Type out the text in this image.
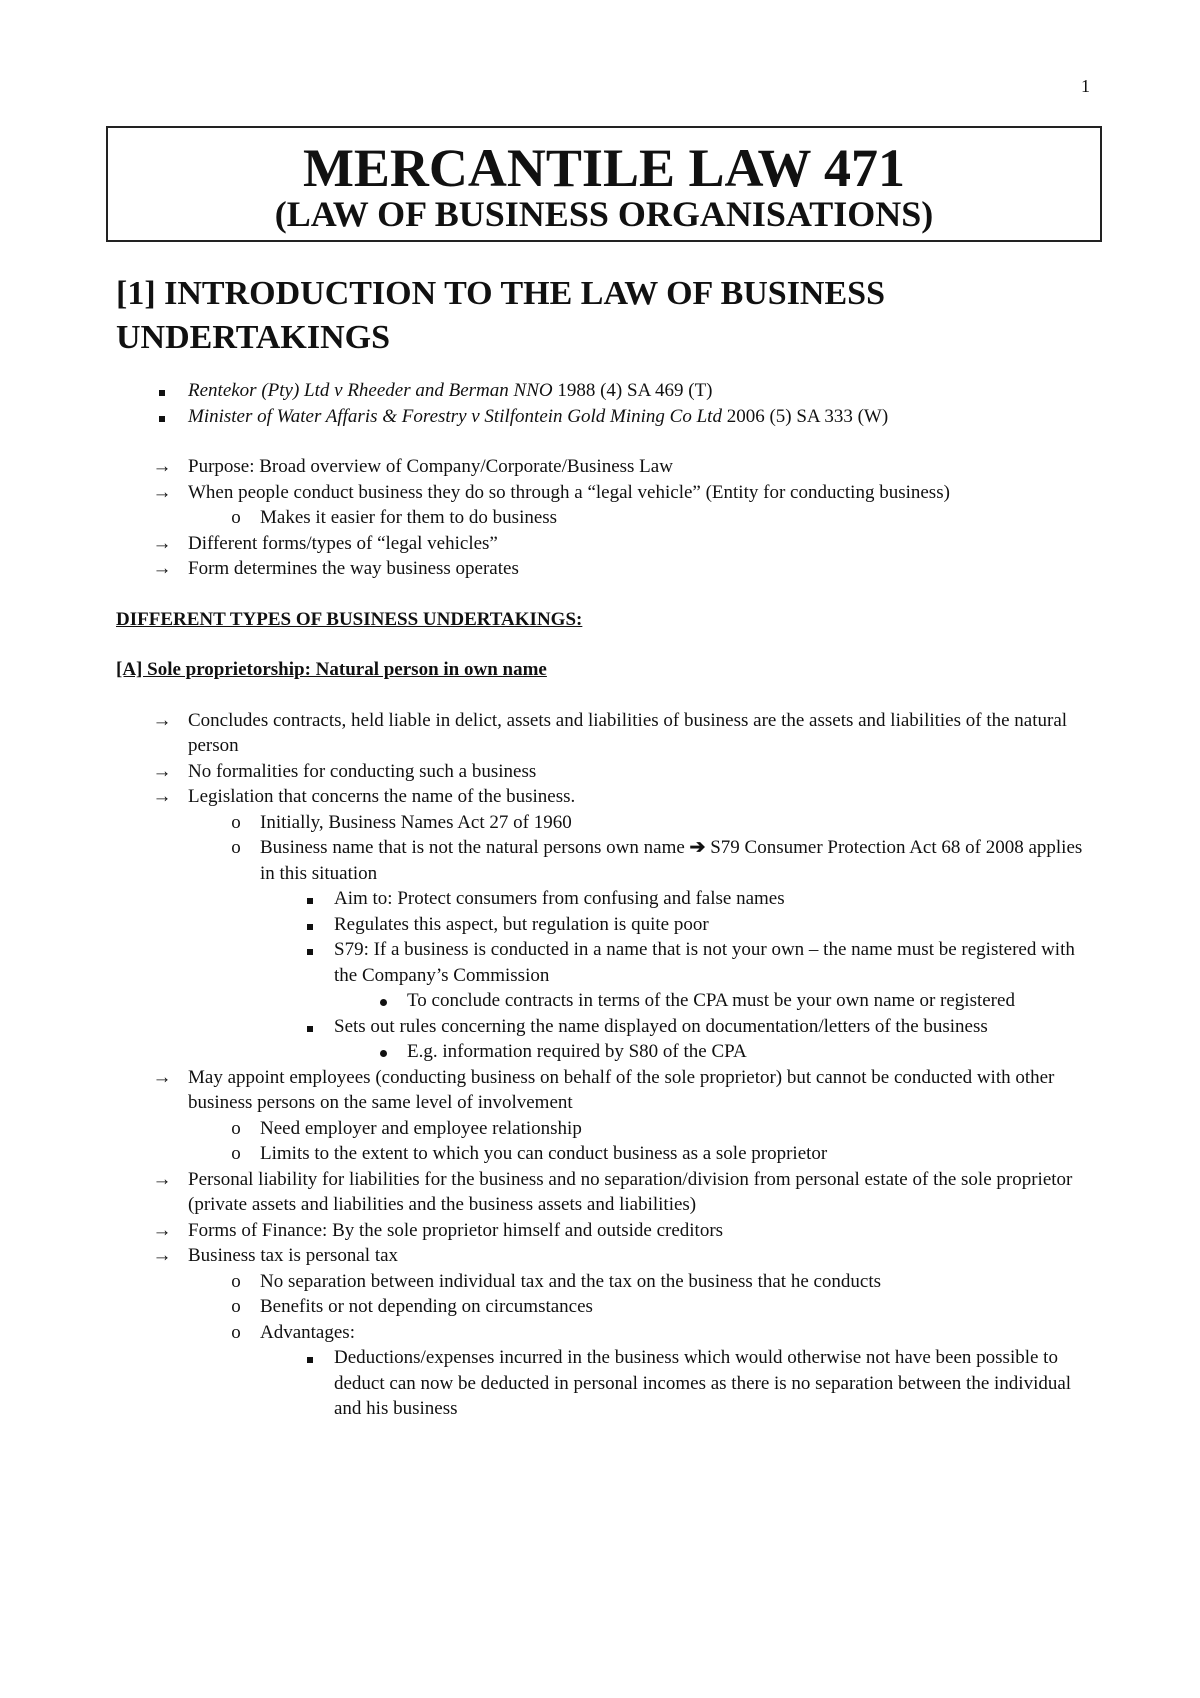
1
MERCANTILE LAW 471
(LAW OF BUSINESS ORGANISATIONS)
[1] INTRODUCTION TO THE LAW OF BUSINESS UNDERTAKINGS
Rentekor (Pty) Ltd v Rheeder and Berman NNO 1988 (4) SA 469 (T)
Minister of Water Affaris & Forestry v Stilfontein Gold Mining Co Ltd 2006 (5) SA 333 (W)
→ Purpose: Broad overview of Company/Corporate/Business Law
→ When people conduct business they do so through a “legal vehicle” (Entity for conducting business)
o	Makes it easier for them to do business
→ Different forms/types of “legal vehicles”
→ Form determines the way business operates
DIFFERENT TYPES OF BUSINESS UNDERTAKINGS:
[A] Sole proprietorship: Natural person in own name
→ Concludes contracts, held liable in delict, assets and liabilities of business are the assets and liabilities of the natural person
→ No formalities for conducting such a business
→ Legislation that concerns the name of the business.
o	Initially, Business Names Act 27 of 1960
o	Business name that is not the natural persons own name ➔ S79 Consumer Protection Act 68 of 2008 applies in this situation
Aim to: Protect consumers from confusing and false names
Regulates this aspect, but regulation is quite poor
S79: If a business is conducted in a name that is not your own – the name must be registered with the Company’s Commission
To conclude contracts in terms of the CPA must be your own name or registered
Sets out rules concerning the name displayed on documentation/letters of the business
E.g. information required by S80 of the CPA
→ May appoint employees (conducting business on behalf of the sole proprietor) but cannot be conducted with other business persons on the same level of involvement
o	Need employer and employee relationship
o	Limits to the extent to which you can conduct business as a sole proprietor
→ Personal liability for liabilities for the business and no separation/division from personal estate of the sole proprietor (private assets and liabilities and the business assets and liabilities)
→ Forms of Finance: By the sole proprietor himself and outside creditors
→ Business tax is personal tax
o	No separation between individual tax and the tax on the business that he conducts
o	Benefits or not depending on circumstances
o	Advantages:
Deductions/expenses incurred in the business which would otherwise not have been possible to deduct can now be deducted in personal incomes as there is no separation between the individual and his business
